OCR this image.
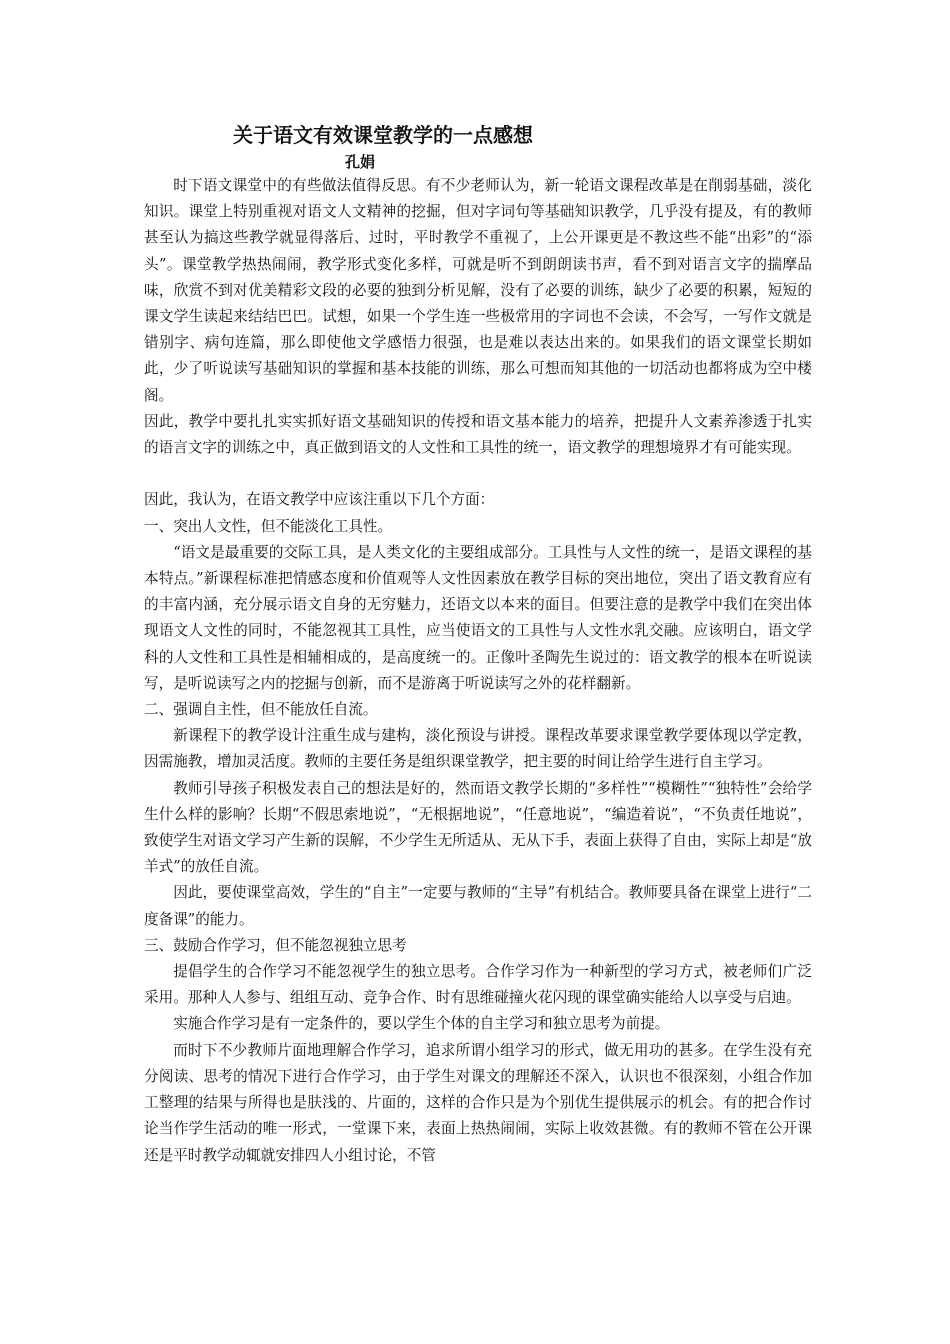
关于语文有效课堂教学的一点感想
孔娟

时下语文课堂中的有些做法值得反思。有不少老师认为，新一轮语文课程改革是在削弱基础，淡化知识。课堂上特别重视对语文人文精神的挖掘，但对字词句等基础知识教学，几乎没有提及，有的教师甚至认为搞这些教学就显得落后、过时，平时教学不重视了，上公开课更是不教这些不能“出彩”的“添头”。课堂教学热热闹闹，教学形式变化多样，可就是听不到朗朗读书声，看不到对语言文字的揣摩品味，欣赏不到对优美精彩文段的必要的独到分析见解，没有了必要的训练，缺少了必要的积累，短短的课文学生读起来结结巴巴。试想，如果一个学生连一些极常用的字词也不会读，不会写，一写作文就是错别字、病句连篇，那么即使他文学感悟力很强，也是难以表达出来的。如果我们的语文课堂长期如此，少了听说读写基础知识的掌握和基本技能的训练，那么可想而知其他的一切活动也都将成为空中楼阁。

因此，教学中要扎扎实实抓好语文基础知识的传授和语文基本能力的培养，把提升人文素养渗透于扎实的语言文字的训练之中，真正做到语文的人文性和工具性的统一，语文教学的理想境界才有可能实现。

因此，我认为，在语文教学中应该注重以下几个方面：

一、突出人文性，但不能淡化工具性。

“语文是最重要的交际工具，是人类文化的主要组成部分。工具性与人文性的统一，是语文课程的基本特点。”新课程标准把情感态度和价值观等人文性因素放在教学目标的突出地位，突出了语文教育应有的丰富内涵，充分展示语文自身的无穷魅力，还语文以本来的面目。但要注意的是教学中我们在突出体现语文人文性的同时，不能忽视其工具性，应当使语文的工具性与人文性水乳交融。应该明白，语文学科的人文性和工具性是相辅相成的，是高度统一的。正像叶圣陶先生说过的：语文教学的根本在听说读写，是听说读写之内的挖掘与创新，而不是游离于听说读写之外的花样翻新。

二、强调自主性，但不能放任自流。

新课程下的教学设计注重生成与建构，淡化预设与讲授。课程改革要求课堂教学要体现以学定教，因需施教，增加灵活度。教师的主要任务是组织课堂教学，把主要的时间让给学生进行自主学习。

教师引导孩子积极发表自己的想法是好的，然而语文教学长期的“多样性”“模糊性”“独特性”会给学生什么样的影响？长期“不假思索地说”，“无根据地说”，“任意地说”，“编造着说”，“不负责任地说”，致使学生对语文学习产生新的误解，不少学生无所适从、无从下手，表面上获得了自由，实际上却是“放羊式”的放任自流。

因此，要使课堂高效，学生的“自主”一定要与教师的“主导”有机结合。教师要具备在课堂上进行“二度备课”的能力。

三、鼓励合作学习，但不能忽视独立思考

提倡学生的合作学习不能忽视学生的独立思考。合作学习作为一种新型的学习方式，被老师们广泛采用。那种人人参与、组组互动、竞争合作、时有思维碰撞火花闪现的课堂确实能给人以享受与启迪。

实施合作学习是有一定条件的，要以学生个体的自主学习和独立思考为前提。

而时下不少教师片面地理解合作学习，追求所谓小组学习的形式，做无用功的甚多。在学生没有充分阅读、思考的情况下进行合作学习，由于学生对课文的理解还不深入，认识也不很深刻，小组合作加工整理的结果与所得也是肤浅的、片面的，这样的合作只是为个别优生提供展示的机会。有的把合作讨论当作学生活动的唯一形式，一堂课下来，表面上热热闹闹，实际上收效甚微。有的教师不管在公开课还是平时教学动辄就安排四人小组讨论，不管
